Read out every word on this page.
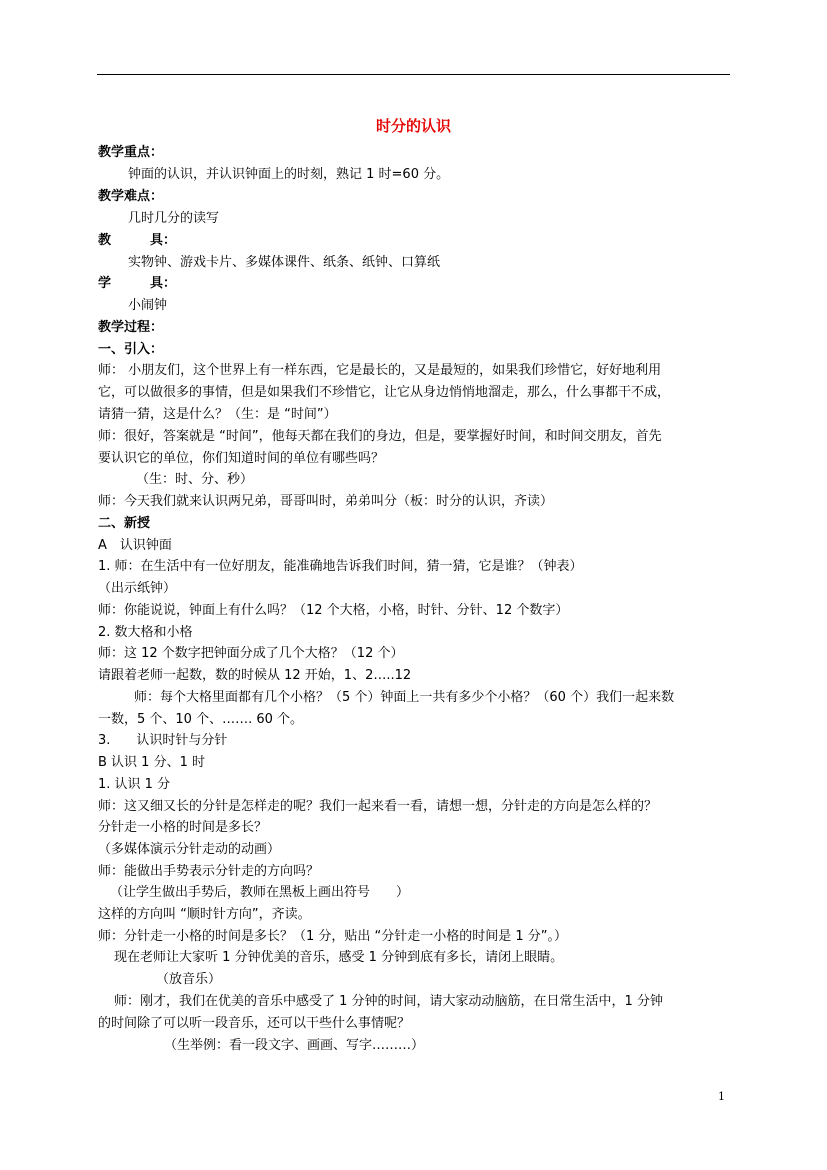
时分的认识
教学重点：
钟面的认识，并认识钟面上的时刻，熟记 1 时=60 分。
教学难点：
几时几分的读写
教　　　具：
实物钟、游戏卡片、多媒体课件、纸条、纸钟、口算纸
学　　　具：
小闹钟
教学过程：
一、引入：
师： 小朋友们，这个世界上有一样东西，它是最长的，又是最短的，如果我们珍惜它，好好地利用
它，可以做很多的事情，但是如果我们不珍惜它，让它从身边悄悄地溜走，那么，什么事都干不成，
请猜一猜，这是什么？（生：是 “时间”）
师：很好，答案就是 “时间”，他每天都在我们的身边，但是，要掌握好时间，和时间交朋友，首先
要认识它的单位，你们知道时间的单位有哪些吗？
（生：时、分、秒）
师：今天我们就来认识两兄弟，哥哥叫时，弟弟叫分（板：时分的认识，齐读）
二、新授
A　认识钟面
1. 师：在生活中有一位好朋友，能准确地告诉我们时间，猜一猜，它是谁？（钟表）
（出示纸钟）
师：你能说说，钟面上有什么吗？（12 个大格，小格，时针、分针、12 个数字）
2. 数大格和小格
师：这 12 个数字把钟面分成了几个大格？（12 个）
请跟着老师一起数，数的时候从 12 开始，1、2…..12
师：每个大格里面都有几个小格？（5 个）钟面上一共有多少个小格？（60 个）我们一起来数
一数，5 个、10 个、……. 60 个。
3.　　认识时针与分针
B 认识 1 分、1 时
1. 认识 1 分
师：这又细又长的分针是怎样走的呢？我们一起来看一看，请想一想，分针走的方向是怎么样的？
分针走一小格的时间是多长？
（多媒体演示分针走动的动画）
师：能做出手势表示分针走的方向吗？
（让学生做出手势后，教师在黑板上画出符号　　）
这样的方向叫 “顺时针方向”，齐读。
师：分针走一小格的时间是多长？（1 分，贴出 “分针走一小格的时间是 1 分”。）
现在老师让大家听 1 分钟优美的音乐，感受 1 分钟到底有多长，请闭上眼睛。
（放音乐）
师：刚才，我们在优美的音乐中感受了 1 分钟的时间，请大家动动脑筋，在日常生活中，1 分钟
的时间除了可以听一段音乐，还可以干些什么事情呢？
（生举例：看一段文字、画画、写字………）
1
